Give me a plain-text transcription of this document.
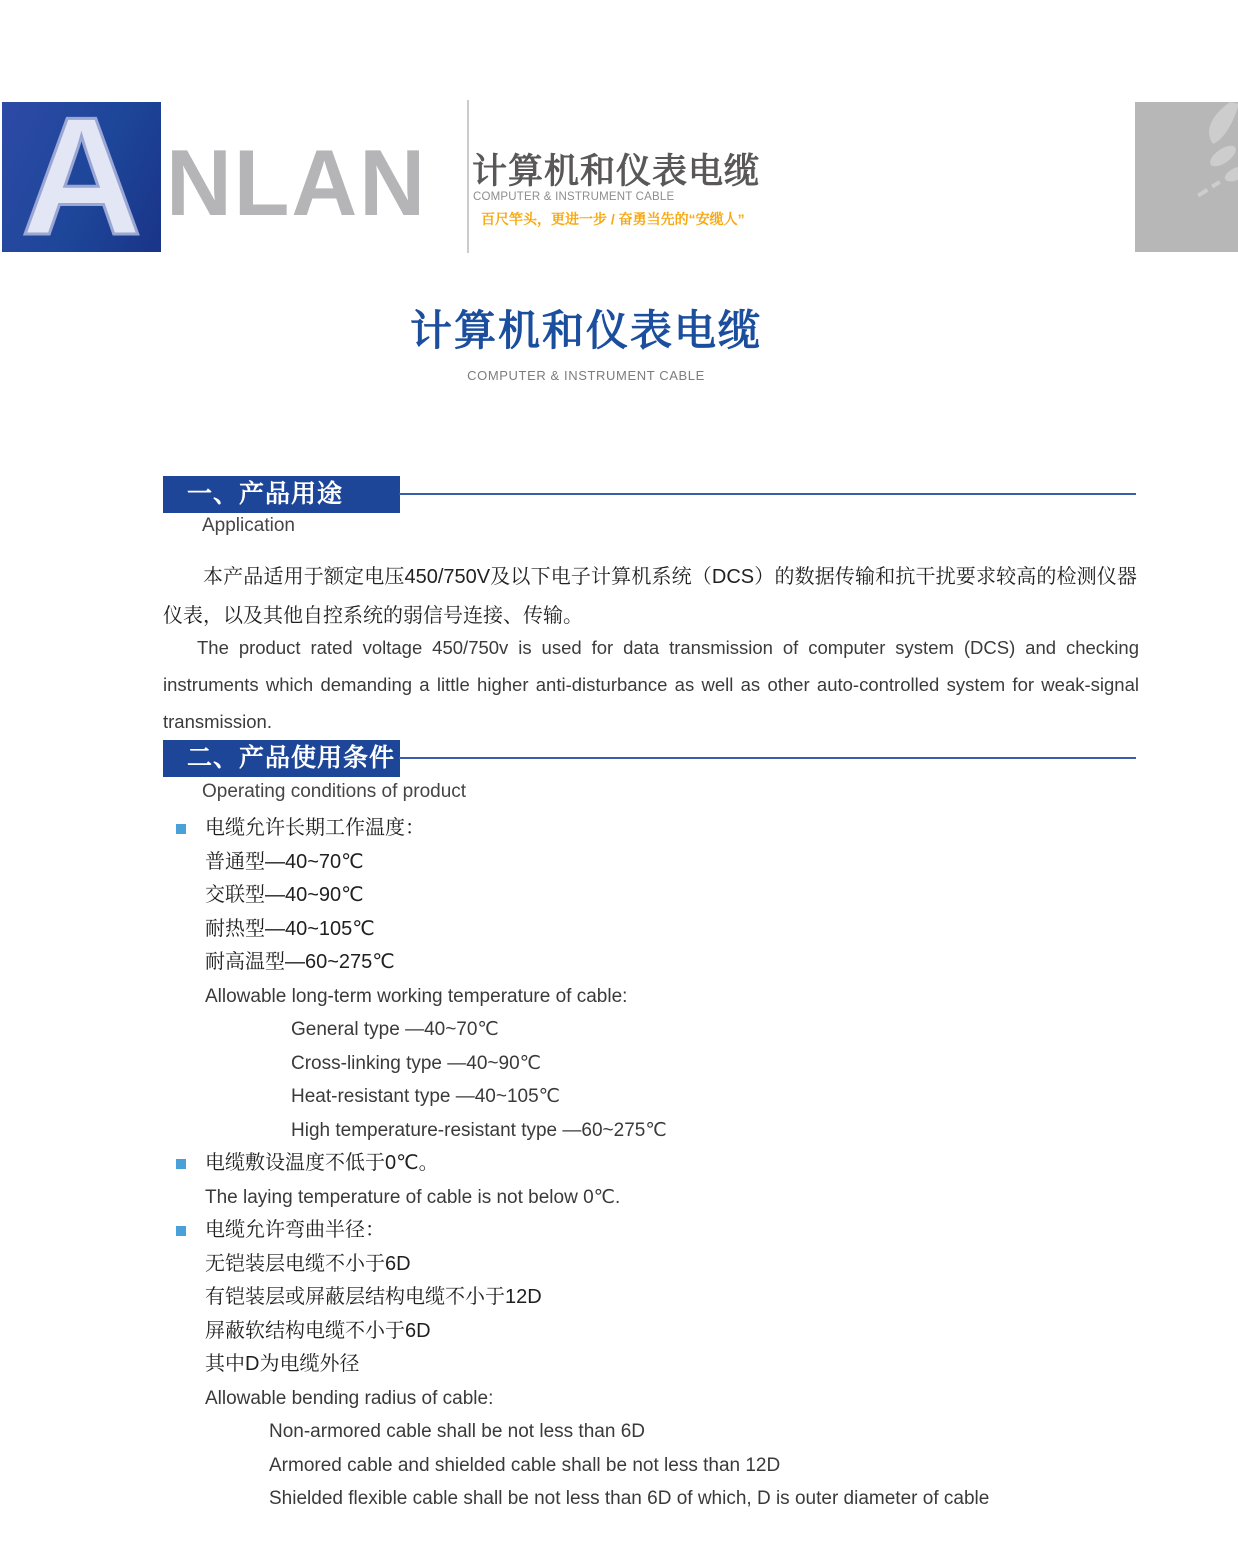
A NLAN 计算机和仪表电缆
COMPUTER & INSTRUMENT CABLE
百尺竿头，更进一步 / 奋勇当先的“安缆人”
计算机和仪表电缆
COMPUTER & INSTRUMENT CABLE
一、产品用途
Application
本产品适用于额定电压450/750V及以下电子计算机系统（DCS）的数据传输和抗干扰要求较高的检测仪器仪表，以及其他自控系统的弱信号连接、传输。
The product rated voltage 450/750v is used for data transmission of computer system (DCS) and checking instruments which demanding a little higher anti-disturbance as well as other auto-controlled system for weak-signal transmission.
二、产品使用条件
Operating conditions of product
电缆允许长期工作温度：
普通型—40~70℃
交联型—40~90℃
耐热型—40~105℃
耐高温型—60~275℃
Allowable long-term working temperature of cable:
General type —40~70℃
Cross-linking type —40~90℃
Heat-resistant type —40~105℃
High temperature-resistant type —60~275℃
电缆敷设温度不低于0℃。
The laying temperature of cable is not below 0℃.
电缆允许弯曲半径：
无铠装层电缆不小于6D
有铠装层或屏蔽层结构电缆不小于12D
屏蔽软结构电缆不小于6D
其中D为电缆外径
Allowable bending radius of cable:
Non-armored cable shall be not less than 6D
Armored cable and shielded cable shall be not less than 12D
Shielded flexible cable shall be not less than 6D of which, D is outer diameter of cable
